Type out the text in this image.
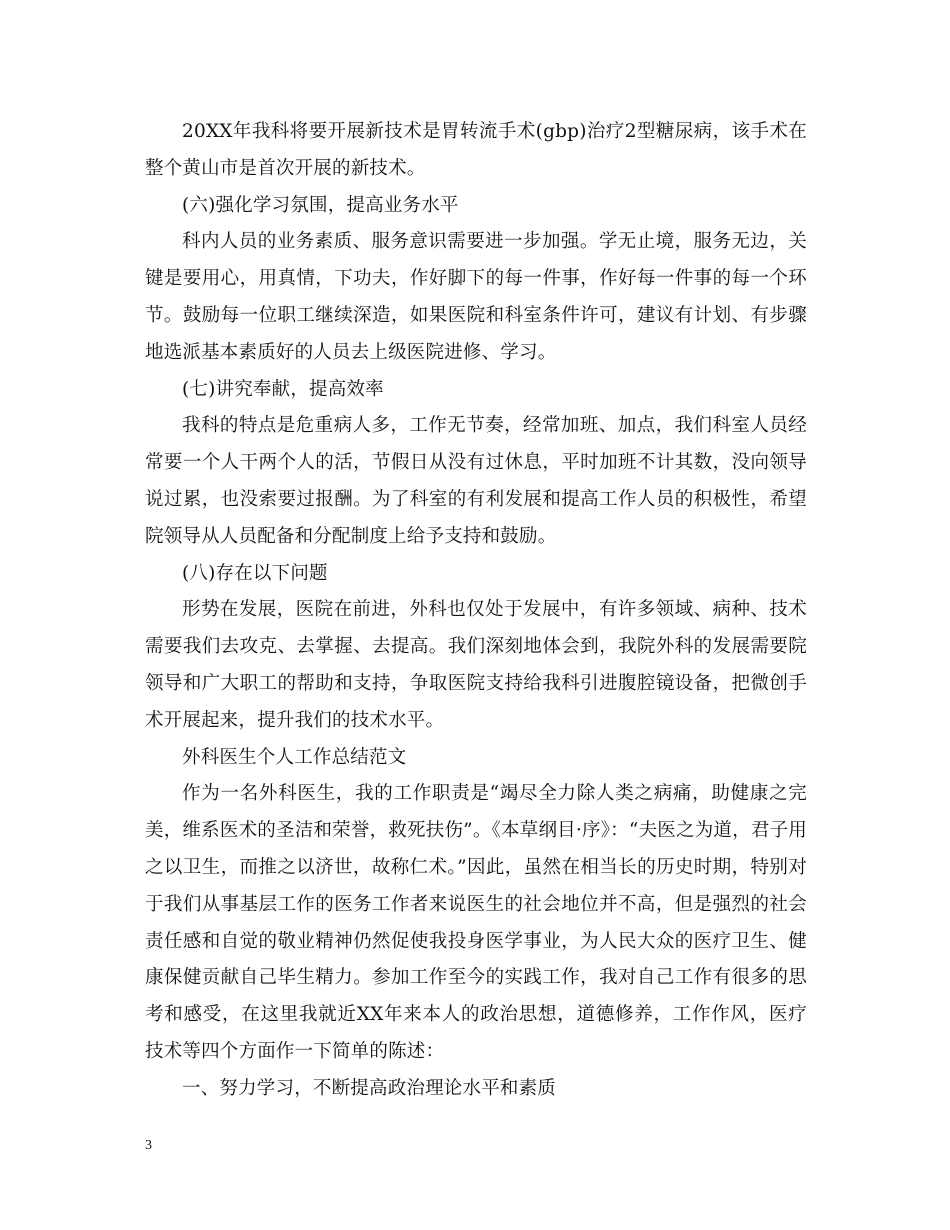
20XX年我科将要开展新技术是胃转流手术(gbp)治疗2型糖尿病，该手术在整个黄山市是首次开展的新技术。

(六)强化学习氛围，提高业务水平

科内人员的业务素质、服务意识需要进一步加强。学无止境，服务无边，关键是要用心，用真情，下功夫，作好脚下的每一件事，作好每一件事的每一个环节。鼓励每一位职工继续深造，如果医院和科室条件许可，建议有计划、有步骤地选派基本素质好的人员去上级医院进修、学习。

(七)讲究奉献，提高效率

我科的特点是危重病人多，工作无节奏，经常加班、加点，我们科室人员经常要一个人干两个人的活，节假日从没有过休息，平时加班不计其数，没向领导说过累，也没索要过报酬。为了科室的有利发展和提高工作人员的积极性，希望院领导从人员配备和分配制度上给予支持和鼓励。

(八)存在以下问题

形势在发展，医院在前进，外科也仅处于发展中，有许多领域、病种、技术需要我们去攻克、去掌握、去提高。我们深刻地体会到，我院外科的发展需要院领导和广大职工的帮助和支持，争取医院支持给我科引进腹腔镜设备，把微创手术开展起来，提升我们的技术水平。

外科医生个人工作总结范文

作为一名外科医生，我的工作职责是“竭尽全力除人类之病痛，助健康之完美，维系医术的圣洁和荣誉，救死扶伤”。《本草纲目·序》：“夫医之为道，君子用之以卫生，而推之以济世，故称仁术。”因此，虽然在相当长的历史时期，特别对于我们从事基层工作的医务工作者来说医生的社会地位并不高，但是强烈的社会责任感和自觉的敬业精神仍然促使我投身医学事业，为人民大众的医疗卫生、健康保健贡献自己毕生精力。参加工作至今的实践工作，我对自己工作有很多的思考和感受，在这里我就近XX年来本人的政治思想，道德修养，工作作风，医疗技术等四个方面作一下简单的陈述：

一、努力学习，不断提高政治理论水平和素质

3
